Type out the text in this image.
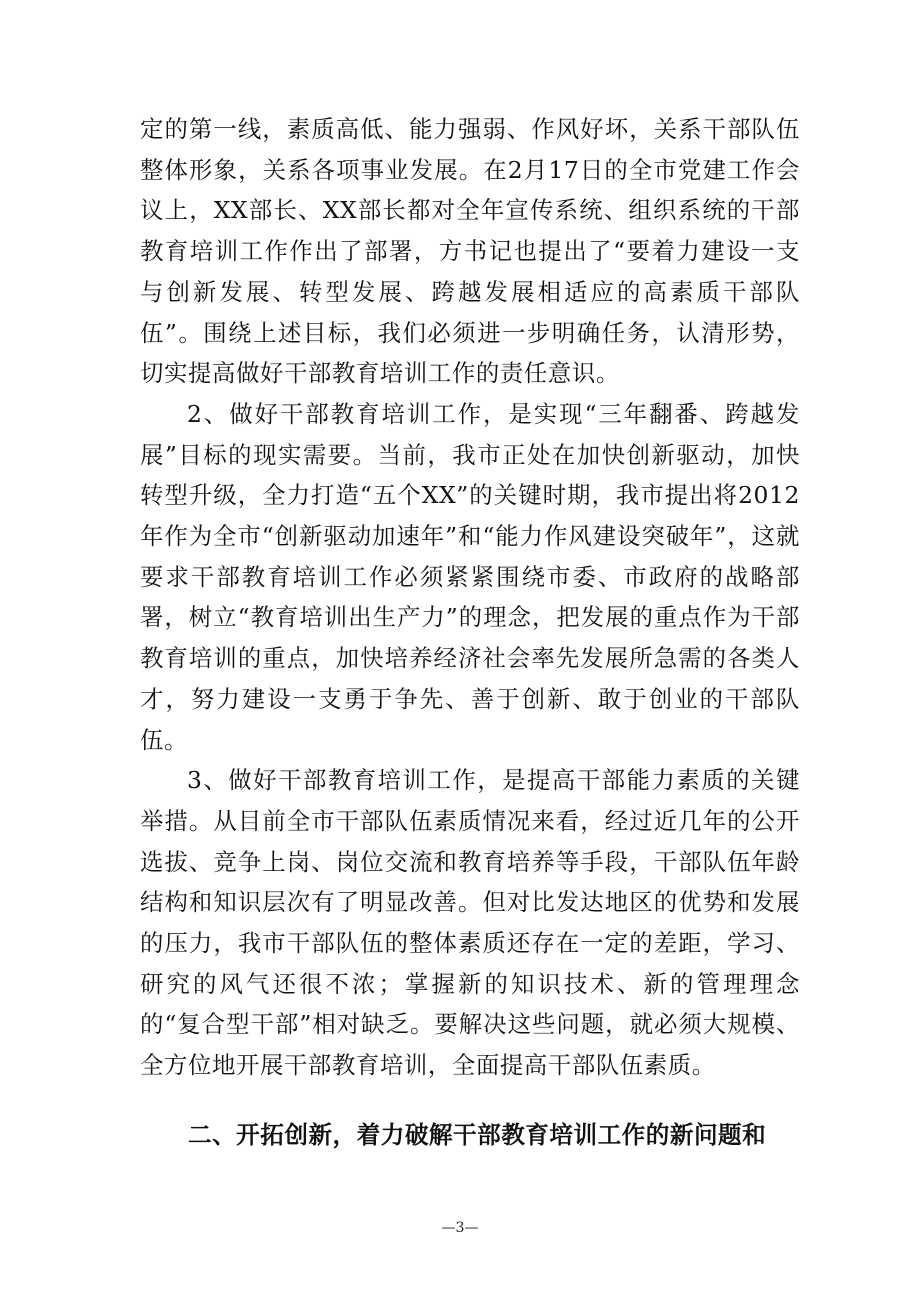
定的第一线，素质高低、能力强弱、作风好坏，关系干部队伍整体形象，关系各项事业发展。在2月17日的全市党建工作会议上，XX部长、XX部长都对全年宣传系统、组织系统的干部教育培训工作作出了部署，方书记也提出了“要着力建设一支与创新发展、转型发展、跨越发展相适应的高素质干部队伍”。围绕上述目标，我们必须进一步明确任务，认清形势，切实提高做好干部教育培训工作的责任意识。

2、做好干部教育培训工作，是实现“三年翻番、跨越发展”目标的现实需要。当前，我市正处在加快创新驱动，加快转型升级，全力打造“五个XX”的关键时期，我市提出将2012年作为全市“创新驱动加速年”和“能力作风建设突破年”，这就要求干部教育培训工作必须紧紧围绕市委、市政府的战略部署，树立“教育培训出生产力”的理念，把发展的重点作为干部教育培训的重点，加快培养经济社会率先发展所急需的各类人才，努力建设一支勇于争先、善于创新、敢于创业的干部队伍。

3、做好干部教育培训工作，是提高干部能力素质的关键举措。从目前全市干部队伍素质情况来看，经过近几年的公开选拔、竞争上岗、岗位交流和教育培养等手段，干部队伍年龄结构和知识层次有了明显改善。但对比发达地区的优势和发展的压力，我市干部队伍的整体素质还存在一定的差距，学习、研究的风气还很不浓；掌握新的知识技术、新的管理理念的“复合型干部”相对缺乏。要解决这些问题，就必须大规模、全方位地开展干部教育培训，全面提高干部队伍素质。

二、开拓创新，着力破解干部教育培训工作的新问题和
—3—
